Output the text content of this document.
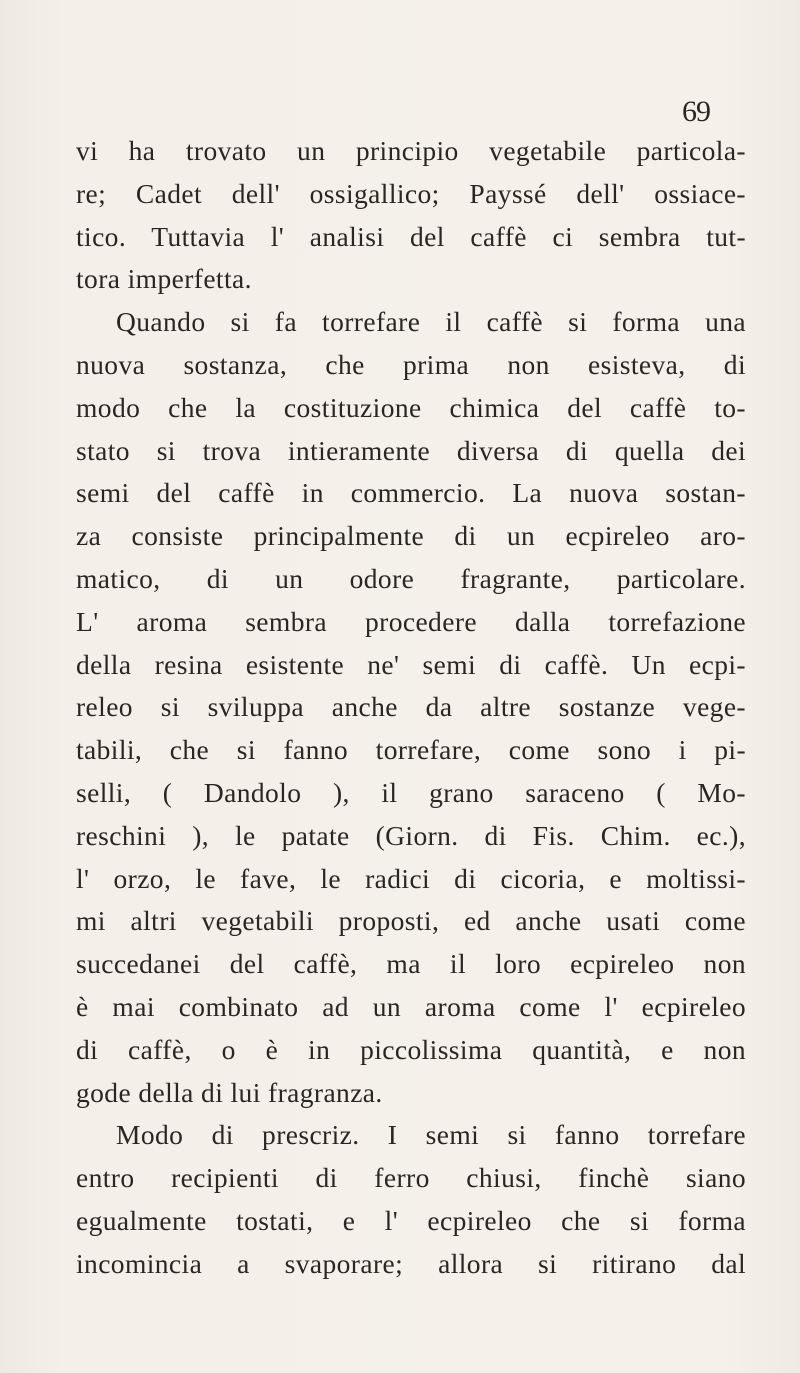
69
vi ha trovato un principio vegetabile particola-
re; Cadet dell' ossigallico; Payssé dell' ossiace-
tico. Tuttavia l' analisi del caffè ci sembra tut-
tora imperfetta.
Quando si fa torrefare il caffè si forma una
nuova sostanza, che prima non esisteva, di
modo che la costituzione chimica del caffè to-
stato si trova intieramente diversa di quella dei
semi del caffè in commercio. La nuova sostan-
za consiste principalmente di un ecpireleo aro-
matico, di un odore fragrante, particolare.
L' aroma sembra procedere dalla torrefazione
della resina esistente ne' semi di caffè. Un ecpi-
releo si sviluppa anche da altre sostanze vege-
tabili, che si fanno torrefare, come sono i pi-
selli, ( Dandolo ), il grano saraceno ( Mo-
reschini ), le patate (Giorn. di Fis. Chim. ec.),
l' orzo, le fave, le radici di cicoria, e moltissi-
mi altri vegetabili proposti, ed anche usati come
succedanei del caffè, ma il loro ecpireleo non
è mai combinato ad un aroma come l' ecpireleo
di caffè, o è in piccolissima quantità, e non
gode della di lui fragranza.
Modo di prescriz. I semi si fanno torrefare
entro recipienti di ferro chiusi, finchè siano
egualmente tostati, e l' ecpireleo che si forma
incomincia a svaporare; allora si ritirano dal
